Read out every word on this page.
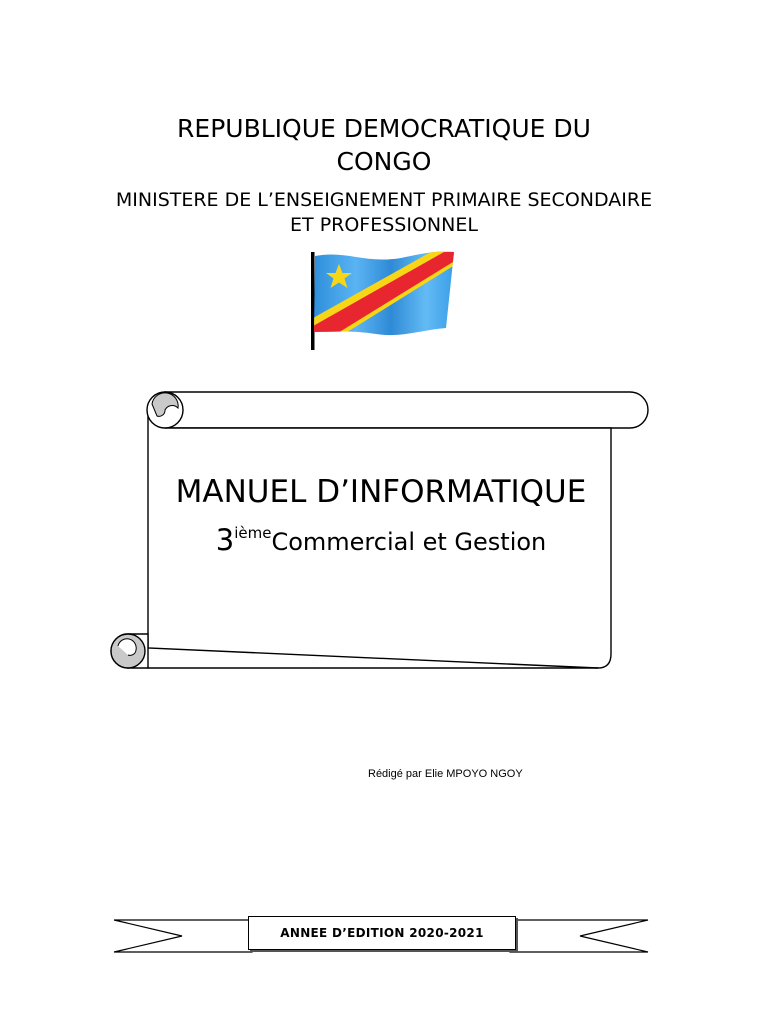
REPUBLIQUE DEMOCRATIQUE DU
CONGO
MINISTERE DE L’ENSEIGNEMENT PRIMAIRE SECONDAIRE
ET PROFESSIONNEL
MANUEL D’INFORMATIQUE
3ièmeCommercial et Gestion
Rédigé par Elie MPOYO NGOY
ANNEE D’EDITION 2020-2021
